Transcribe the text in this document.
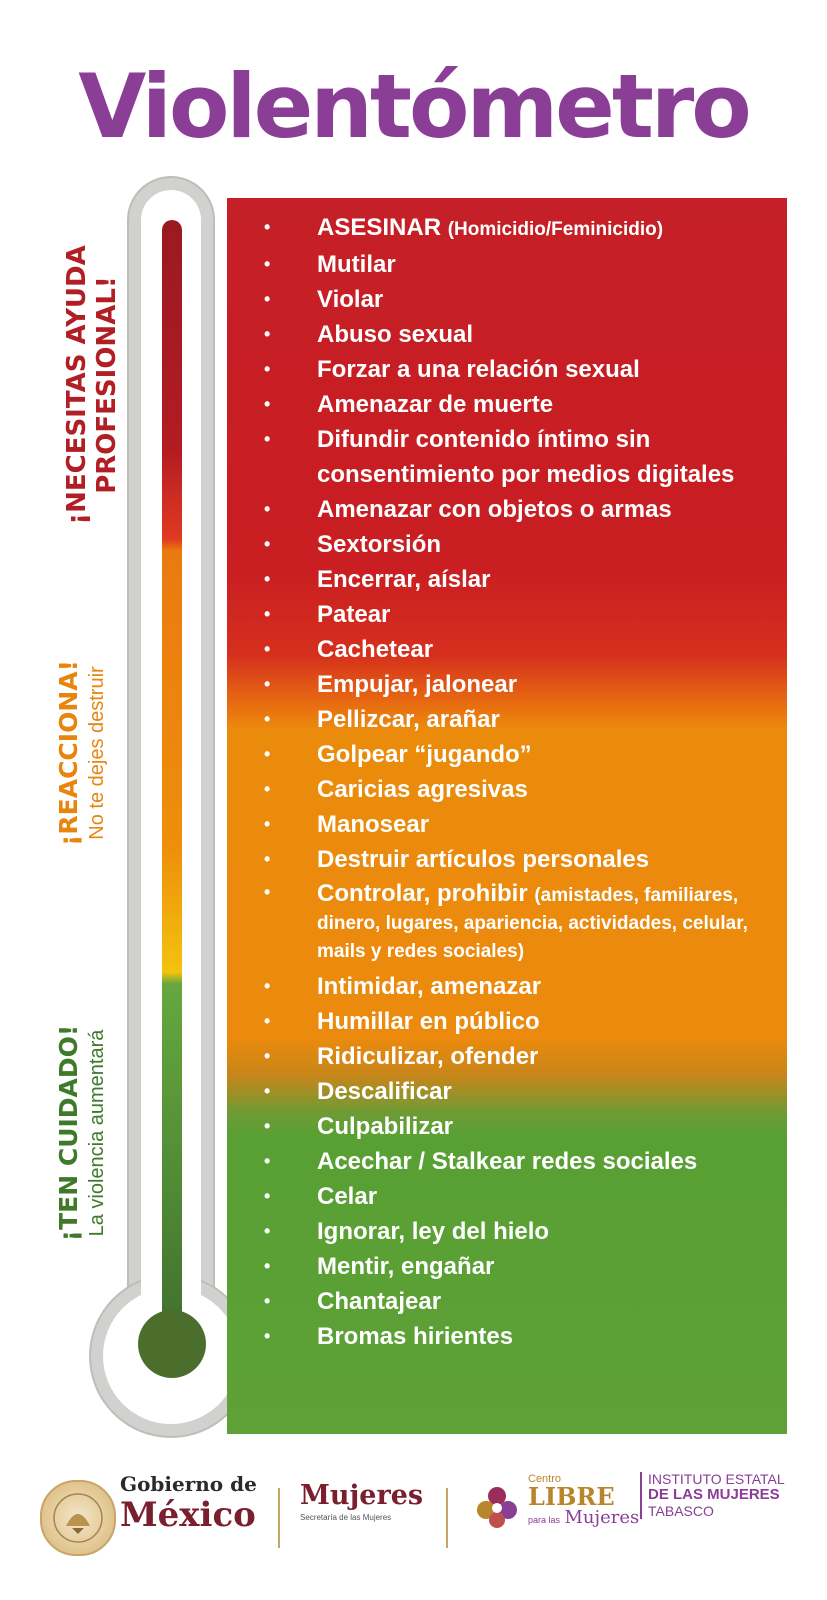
Violentómetro
¡NECESITAS AYUDA PROFESIONAL!
¡REACCIONA! No te dejes destruir
¡TEN CUIDADO! La violencia aumentará
• ASESINAR (Homicidio/Feminicidio)
• Mutilar
• Violar
• Abuso sexual
• Forzar a una relación sexual
• Amenazar de muerte
• Difundir contenido íntimo sin consentimiento por medios digitales
• Amenazar con objetos o armas
• Sextorsión
• Encerrar, aíslar
• Patear
• Cachetear
• Empujar, jalonear
• Pellizcar, arañar
• Golpear “jugando”
• Caricias agresivas
• Manosear
• Destruir artículos personales
• Controlar, prohibir (amistades, familiares, dinero, lugares, apariencia, actividades, celular, mails y redes sociales)
• Intimidar, amenazar
• Humillar en público
• Ridiculizar, ofender
• Descalificar
• Culpabilizar
• Acechar / Stalkear redes sociales
• Celar
• Ignorar, ley del hielo
• Mentir, engañar
• Chantajear
• Bromas hirientes
Gobierno de
México Mujeres
Secretaría de las Mujeres
Centro
LIBRE
para las Mujeres
INSTITUTO ESTATAL
DE LAS MUJERES
TABASCO
